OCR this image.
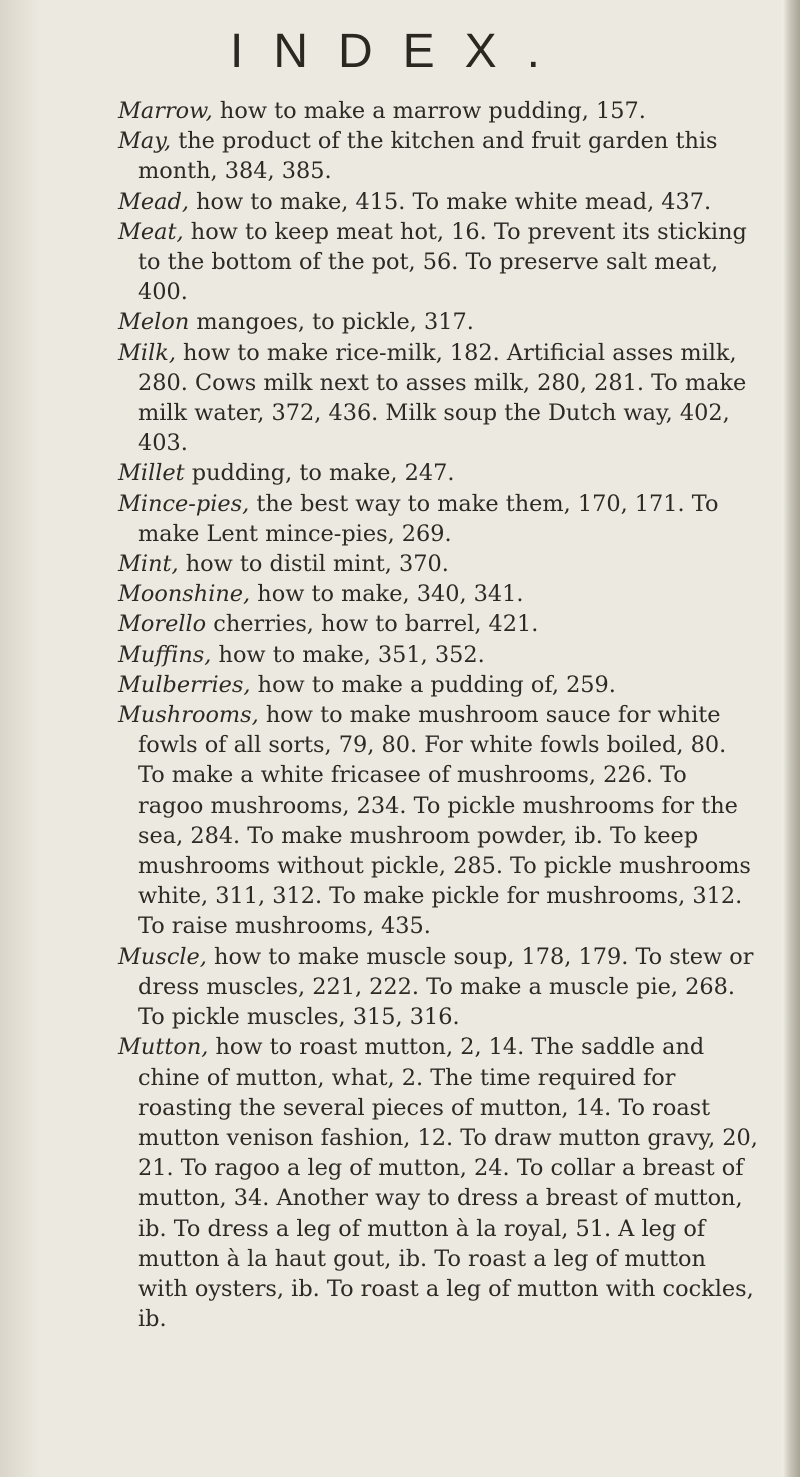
INDEX.

Marrow, how to make a marrow pudding, 157.

May, the product of the kitchen and fruit garden this month, 384, 385.

Mead, how to make, 415. To make white mead, 437.

Meat, how to keep meat hot, 16. To prevent its sticking to the bottom of the pot, 56. To preserve salt meat, 400.

Melon mangoes, to pickle, 317.

Milk, how to make rice-milk, 182. Artificial asses milk, 280. Cows milk next to asses milk, 280, 281. To make milk water, 372, 436. Milk soup the Dutch way, 402, 403.

Millet pudding, to make, 247.

Mince-pies, the best way to make them, 170, 171. To make Lent mince-pies, 269.

Mint, how to distil mint, 370.

Moonshine, how to make, 340, 341.

Morello cherries, how to barrel, 421.

Muffins, how to make, 351, 352.

Mulberries, how to make a pudding of, 259.

Mushrooms, how to make mushroom sauce for white fowls of all sorts, 79, 80. For white fowls boiled, 80. To make a white fricasee of mushrooms, 226. To ragoo mushrooms, 234. To pickle mushrooms for the sea, 284. To make mushroom powder, ib. To keep mushrooms without pickle, 285. To pickle mushrooms white, 311, 312. To make pickle for mushrooms, 312. To raise mushrooms, 435.

Muscle, how to make muscle soup, 178, 179. To stew or dress muscles, 221, 222. To make a muscle pie, 268. To pickle muscles, 315, 316.

Mutton, how to roast mutton, 2, 14. The saddle and chine of mutton, what, 2. The time required for roasting the several pieces of mutton, 14. To roast mutton venison fashion, 12. To draw mutton gravy, 20, 21. To ragoo a leg of mutton, 24. To collar a breast of mutton, 34. Another way to dress a breast of mutton, ib. To dress a leg of mutton à la royal, 51. A leg of mutton à la haut gout, ib. To roast a leg of mutton with oysters, ib. To roast a leg of mutton with cockles, ib.
